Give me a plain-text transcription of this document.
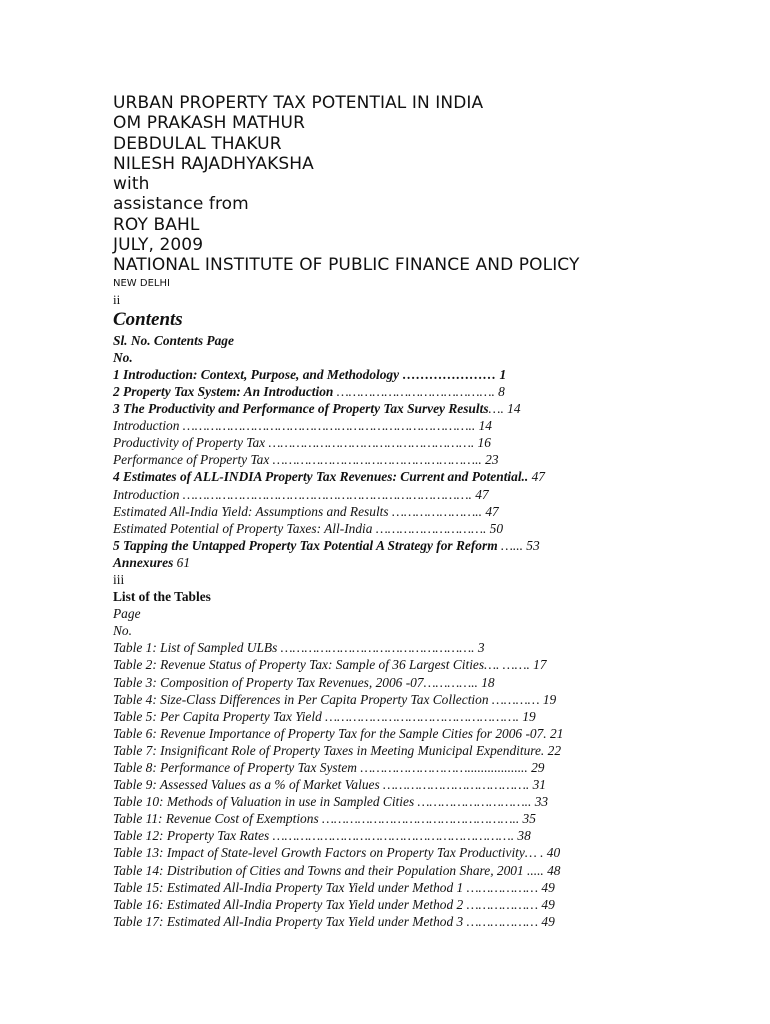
URBAN PROPERTY TAX POTENTIAL IN INDIA
OM PRAKASH MATHUR
DEBDULAL THAKUR
NILESH RAJADHYAKSHA
with
assistance from
ROY BAHL
JULY, 2009
NATIONAL INSTITUTE OF PUBLIC FINANCE AND POLICY
NEW DELHI
ii
Contents
Sl. No. Contents Page
No.
1 Introduction: Context, Purpose, and Methodology ………………… 1
2 Property Tax System: An Introduction …………………………………. 8
3 The Productivity and Performance of Property Tax Survey Results…. 14
Introduction ……………………………………………………………….. 14
Productivity of Property Tax ……………………………………………. 16
Performance of Property Tax …………………………………………….. 23
4 Estimates of ALL-INDIA Property Tax Revenues: Current and Potential.. 47
Introduction ………………………………………………………………. 47
Estimated All-India Yield: Assumptions and Results ………………….. 47
Estimated Potential of Property Taxes: All-India ………………………. 50
5 Tapping the Untapped Property Tax Potential A Strategy for Reform …... 53
Annexures 61
iii
List of the Tables
Page
No.
Table 1: List of Sampled ULBs …………………………………………. 3
Table 2: Revenue Status of Property Tax: Sample of 36 Largest Cities…. ……. 17
Table 3: Composition of Property Tax Revenues, 2006 -07………….. 18
Table 4: Size-Class Differences in Per Capita Property Tax Collection ………… 19
Table 5: Per Capita Property Tax Yield …………………………………………. 19
Table 6: Revenue Importance of Property Tax for the Sample Cities for 2006 -07. 21
Table 7: Insignificant Role of Property Taxes in Meeting Municipal Expenditure. 22
Table 8: Performance of Property Tax System ……………………….................. 29
Table 9: Assessed Values as a % of Market Values ………………………………. 31
Table 10: Methods of Valuation in use in Sampled Cities ……………………….. 33
Table 11: Revenue Cost of Exemptions ………………………………………….. 35
Table 12: Property Tax Rates ……………………………………………………. 38
Table 13: Impact of State-level Growth Factors on Property Tax Productivity… . 40
Table 14: Distribution of Cities and Towns and their Population Share, 2001 ..... 48
Table 15: Estimated All-India Property Tax Yield under Method 1 ……………… 49
Table 16: Estimated All-India Property Tax Yield under Method 2 ……………… 49
Table 17: Estimated All-India Property Tax Yield under Method 3 ……………… 49
